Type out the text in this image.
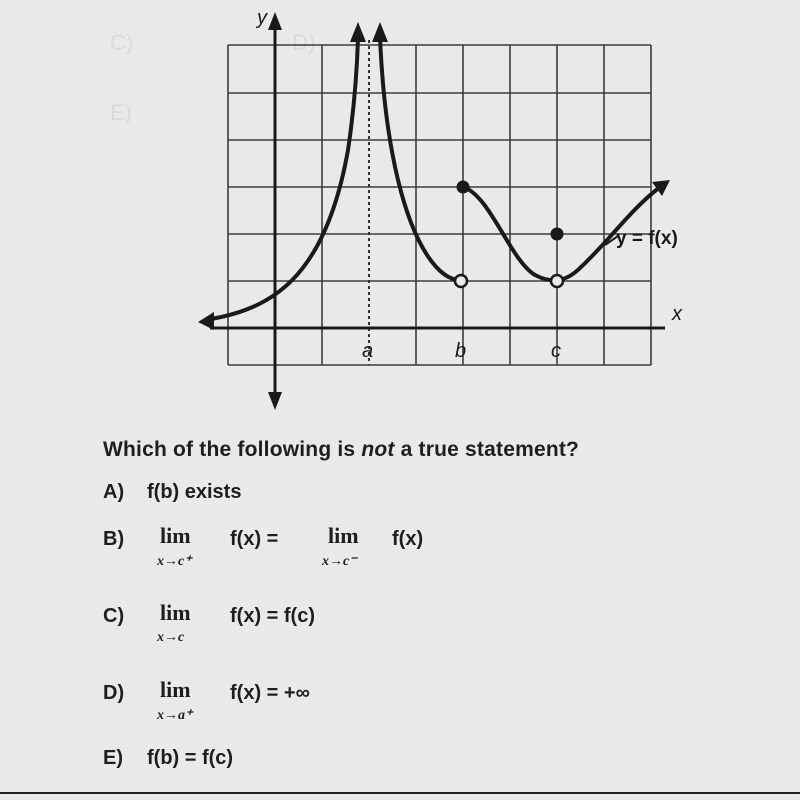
C)                          D)
E)
x
y
a	b	c
y = f(x)
Which of the following is not a true statement?
A) f(b) exists
B)	lim
x→c⁺
f(x) = lim
x→c⁻
f(x)
C)	lim
x→c
f(x) = f(c)
D)	lim
x→a⁺
f(x) = +∞
E) f(b) = f(c)
